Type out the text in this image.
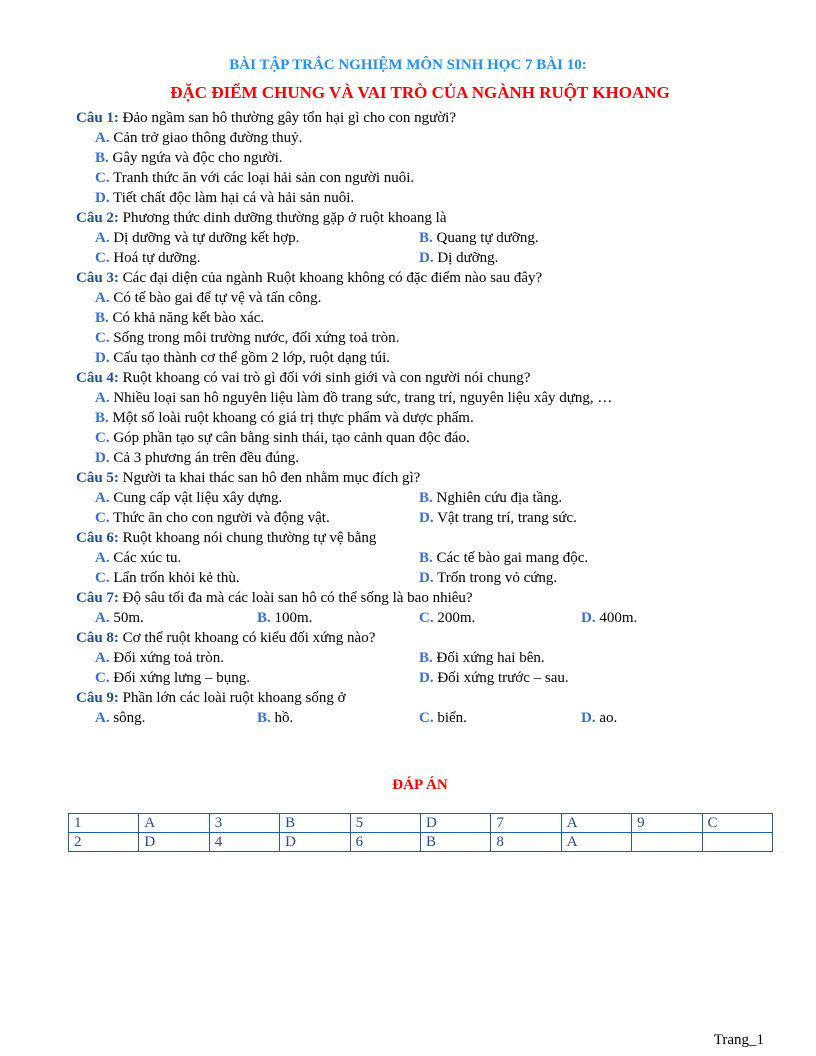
BÀI TẬP TRẮC NGHIỆM MÔN SINH HỌC 7 BÀI 10:
ĐẶC ĐIỂM CHUNG VÀ VAI TRÒ CỦA NGÀNH RUỘT KHOANG
Câu 1: Đảo ngầm san hô thường gây tổn hại gì cho con người?
A. Cản trở giao thông đường thuỷ.
B. Gây ngứa và độc cho người.
C. Tranh thức ăn với các loại hải sản con người nuôi.
D. Tiết chất độc làm hại cá và hải sản nuôi.
Câu 2: Phương thức dinh dưỡng thường gặp ở ruột khoang là
A. Dị dưỡng và tự dưỡng kết hợp.	B. Quang tự dưỡng.
C. Hoá tự dưỡng.	D. Dị dưỡng.
Câu 3: Các đại diện của ngành Ruột khoang không có đặc điểm nào sau đây?
A. Có tế bào gai để tự vệ và tấn công.
B. Có khả năng kết bào xác.
C. Sống trong môi trường nước, đối xứng toả tròn.
D. Cấu tạo thành cơ thể gồm 2 lớp, ruột dạng túi.
Câu 4: Ruột khoang có vai trò gì đối với sinh giới và con người nói chung?
A. Nhiều loại san hô nguyên liệu làm đồ trang sức, trang trí, nguyên liệu xây dựng, …
B. Một số loài ruột khoang có giá trị thực phẩm và dược phẩm.
C. Góp phần tạo sự cân bằng sinh thái, tạo cảnh quan độc đáo.
D. Cả 3 phương án trên đều đúng.
Câu 5: Người ta khai thác san hô đen nhằm mục đích gì?
A. Cung cấp vật liệu xây dựng.	B. Nghiên cứu địa tầng.
C. Thức ăn cho con người và động vật.	D. Vật trang trí, trang sức.
Câu 6: Ruột khoang nói chung thường tự vệ bằng
A. Các xúc tu.	B. Các tế bào gai mang độc.
C. Lẩn trốn khỏi kẻ thù.	D. Trốn trong vỏ cứng.
Câu 7: Độ sâu tối đa mà các loài san hô có thể sống là bao nhiêu?
A. 50m.	B. 100m.	C. 200m.	D. 400m.
Câu 8: Cơ thể ruột khoang có kiểu đối xứng nào?
A. Đối xứng toả tròn.	B. Đối xứng hai bên.
C. Đối xứng lưng – bụng.	D. Đối xứng trước – sau.
Câu 9: Phần lớn các loài ruột khoang sống ở
A. sông.	B. hồ.	C. biển.	D. ao.
ĐÁP ÁN
1	A	3	B	5	D	7	A	9	C
2	D	4	D	6	B	8	A		
Trang_1
